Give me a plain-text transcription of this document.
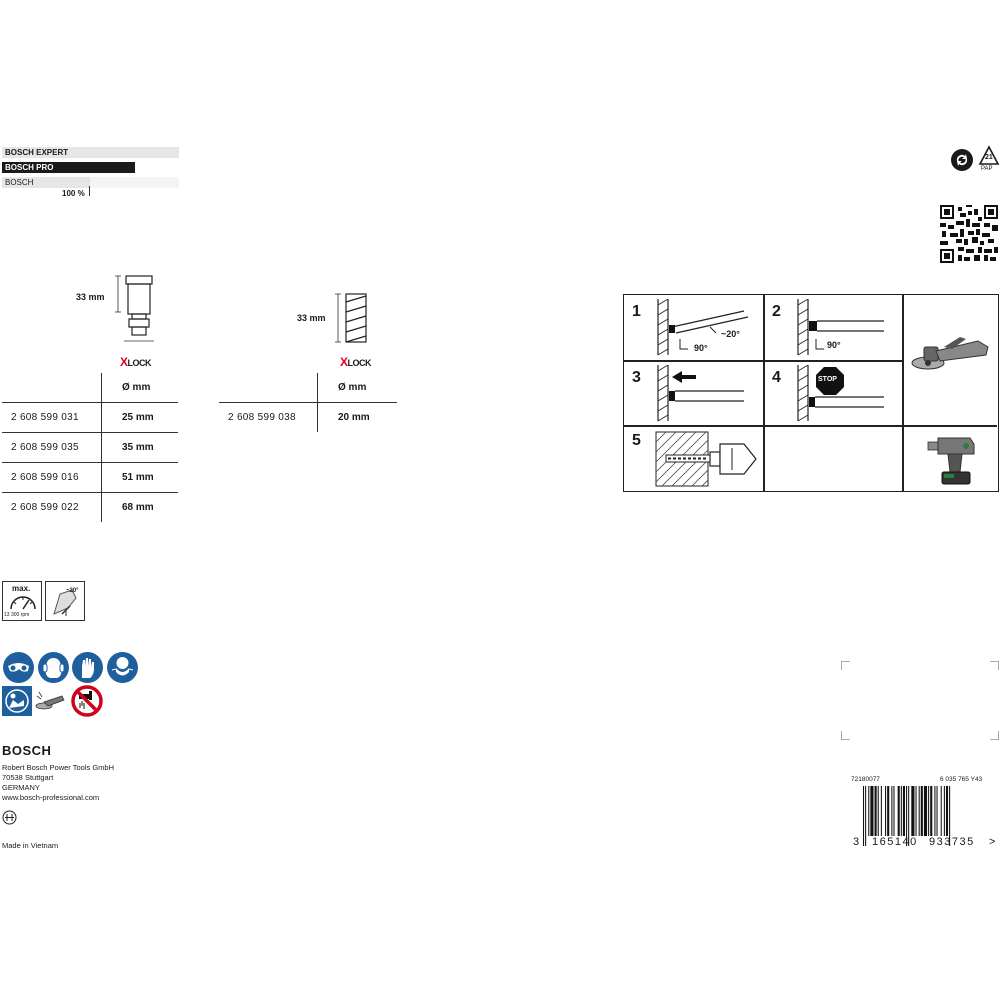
BOSCH EXPERT
BOSCH PRO
BOSCH
100 %
21
PAP
33 mm
XLOCK
	Ø mm
2 608 599 031	25 mm
2 608 599 035	35 mm
2 608 599 016	51 mm
2 608 599 022	68 mm
33 mm
XLOCK
	Ø mm
2 608 599 038	20 mm
1
~20°
90°
2
90°
3	4	STOP
5
max.
13 300 rpm
~20°
BOSCH
Robert Bosch Power Tools GmbH
70538 Stuttgart
GERMANY
www.bosch-professional.com
Made in Vietnam
72180077	6 035 765 Y43
3 165140 933735 >
